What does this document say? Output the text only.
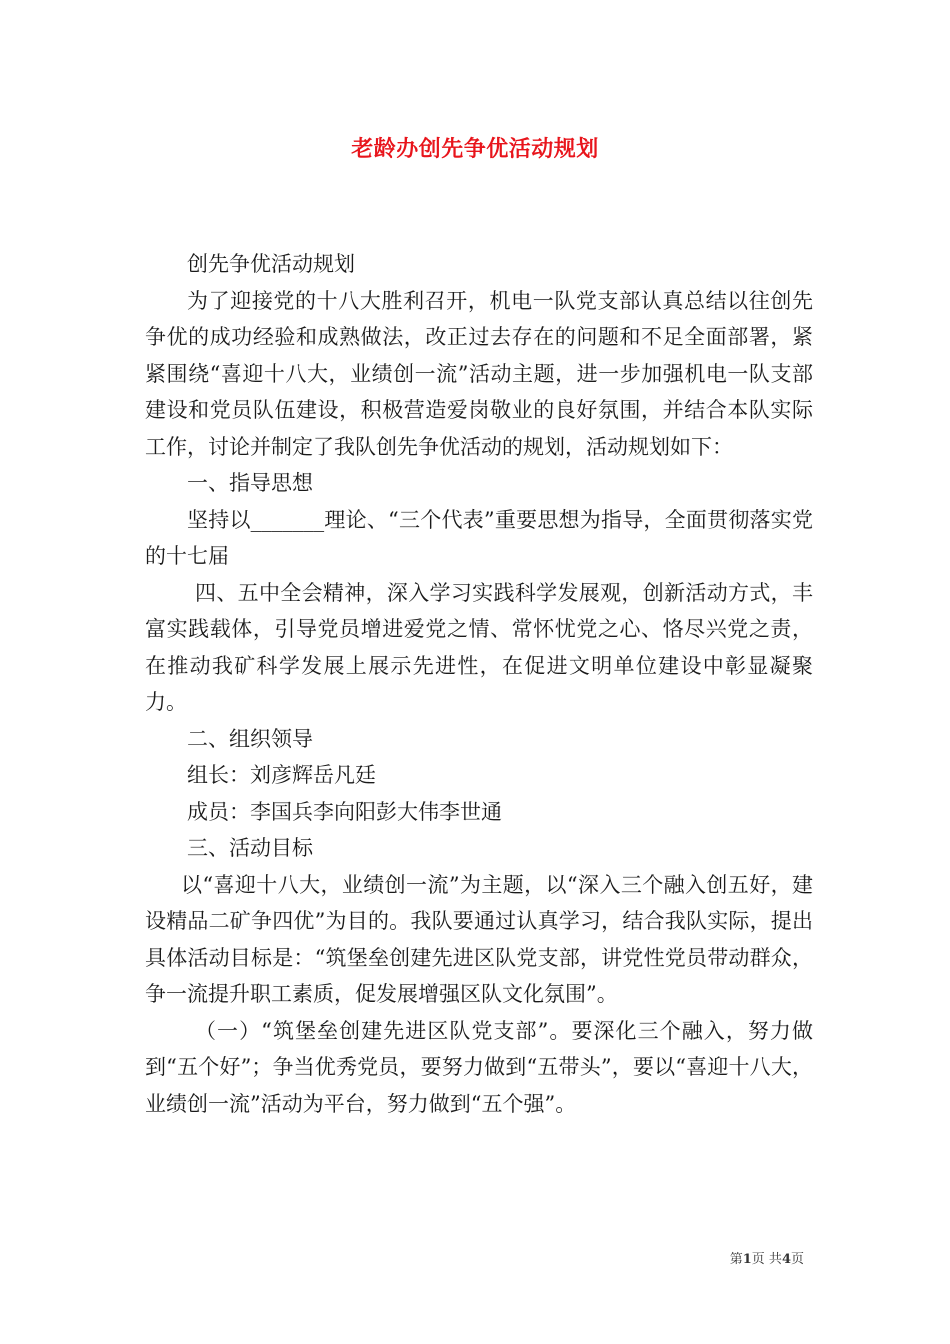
老龄办创先争优活动规划

创先争优活动规划

为了迎接党的十八大胜利召开，机电一队党支部认真总结以往创先争优的成功经验和成熟做法，改正过去存在的问题和不足全面部署，紧紧围绕“喜迎十八大，业绩创一流”活动主题，进一步加强机电一队支部建设和党员队伍建设，积极营造爱岗敬业的良好氛围，并结合本队实际工作，讨论并制定了我队创先争优活动的规划，活动规划如下：

一、指导思想

坚持以_______理论、“三个代表”重要思想为指导，全面贯彻落实党的十七届

四、五中全会精神，深入学习实践科学发展观，创新活动方式，丰富实践载体，引导党员增进爱党之情、常怀忧党之心、恪尽兴党之责，在推动我矿科学发展上展示先进性，在促进文明单位建设中彰显凝聚力。

二、组织领导

组长：刘彦辉岳凡廷

成员：李国兵李向阳彭大伟李世通

三、活动目标

以“喜迎十八大，业绩创一流”为主题，以“深入三个融入创五好，建设精品二矿争四优”为目的。我队要通过认真学习，结合我队实际，提出具体活动目标是：“筑堡垒创建先进区队党支部，讲党性党员带动群众，争一流提升职工素质，促发展增强区队文化氛围”。

（一）“筑堡垒创建先进区队党支部”。要深化三个融入，努力做到“五个好”；争当优秀党员，要努力做到“五带头”，要以“喜迎十八大，业绩创一流”活动为平台，努力做到“五个强”。

第1页 共4页
